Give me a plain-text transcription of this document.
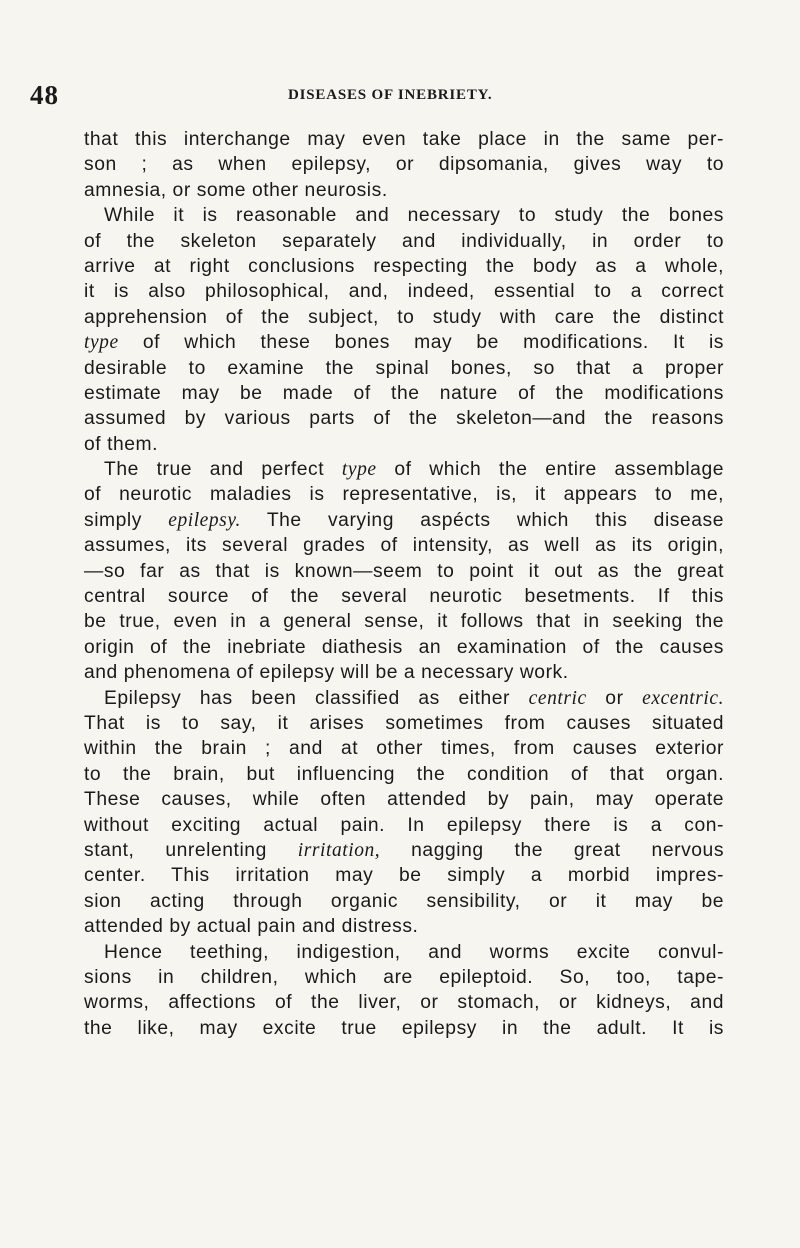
48	DISEASES OF INEBRIETY.
that this interchange may even take place in the same per-
son ; as when epilepsy, or dipsomania, gives way to
amnesia, or some other neurosis.
While it is reasonable and necessary to study the bones
of the skeleton separately and individually, in order to
arrive at right conclusions respecting the body as a whole,
it is also philosophical, and, indeed, essential to a correct
apprehension of the subject, to study with care the distinct
type of which these bones may be modifications. It is
desirable to examine the spinal bones, so that a proper
estimate may be made of the nature of the modifications
assumed by various parts of the skeleton—and the reasons
of them.
The true and perfect type of which the entire assemblage
of neurotic maladies is representative, is, it appears to me,
simply epilepsy. The varying aspécts which this disease
assumes, its several grades of intensity, as well as its origin,
—so far as that is known—seem to point it out as the great
central source of the several neurotic besetments. If this
be true, even in a general sense, it follows that in seeking the
origin of the inebriate diathesis an examination of the causes
and phenomena of epilepsy will be a necessary work.
Epilepsy has been classified as either centric or excentric.
That is to say, it arises sometimes from causes situated
within the brain ; and at other times, from causes exterior
to the brain, but influencing the condition of that organ.
These causes, while often attended by pain, may operate
without exciting actual pain. In epilepsy there is a con-
stant, unrelenting irritation, nagging the great nervous
center. This irritation may be simply a morbid impres-
sion acting through organic sensibility, or it may be
attended by actual pain and distress.
Hence teething, indigestion, and worms excite convul-
sions in children, which are epileptoid. So, too, tape-
worms, affections of the liver, or stomach, or kidneys, and
the like, may excite true epilepsy in the adult. It is
